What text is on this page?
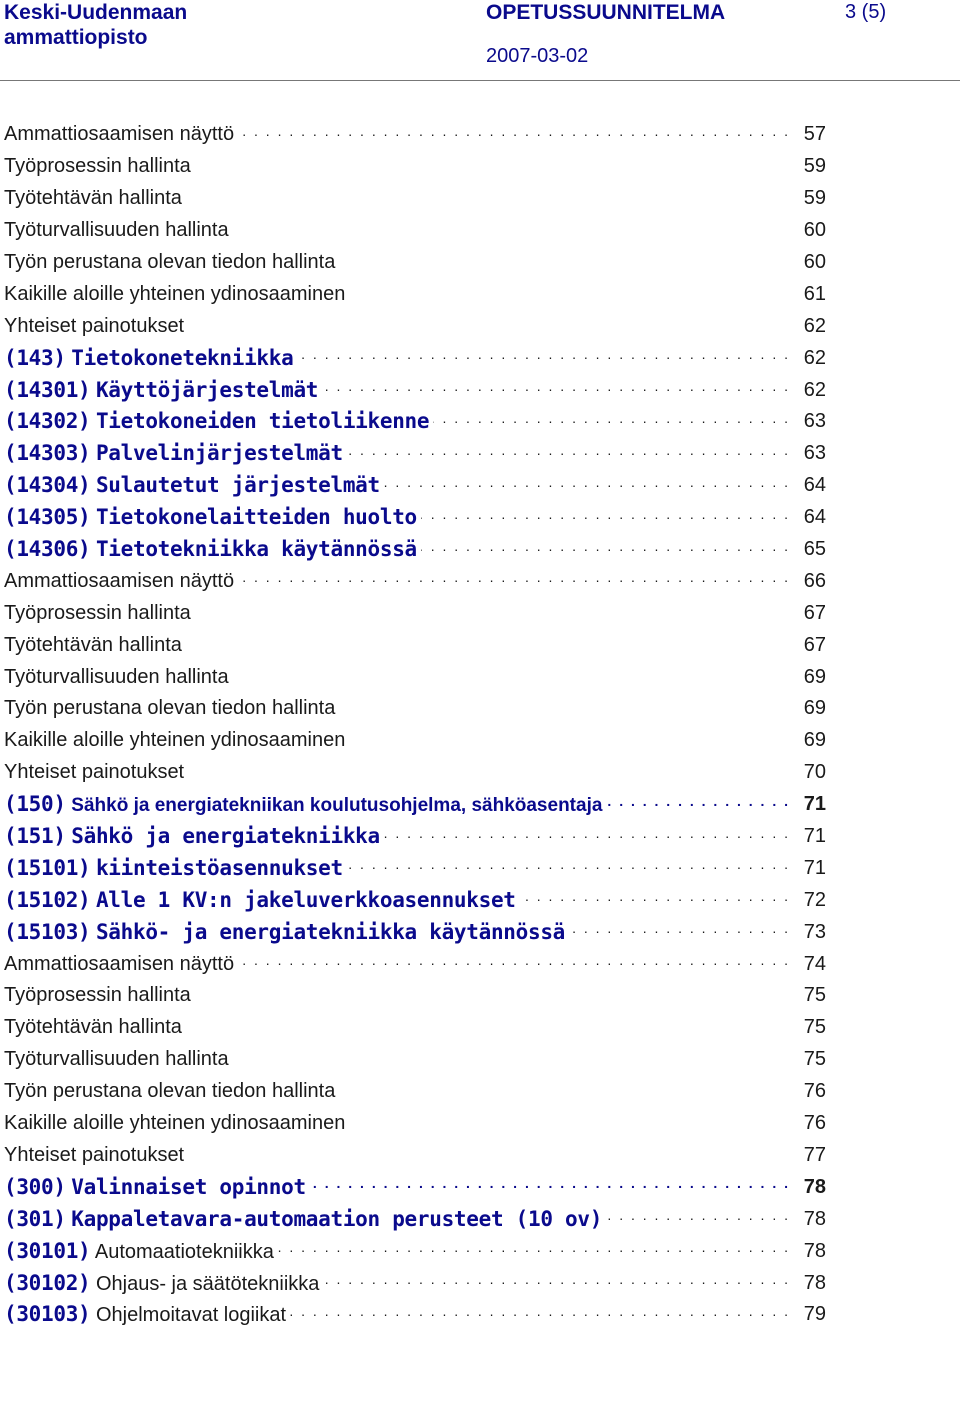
Keski-Uudenmaan
ammattiopisto
OPETUSSUUNNITELMA	3 (5)
2007-03-02
Ammattiosaamisen näyttö . . .	57
Työprosessin hallinta	59
Työtehtävän hallinta	59
Työturvallisuuden hallinta	60
Työn perustana olevan tiedon hallinta	60
Kaikille aloille yhteinen ydinosaaminen	61
Yhteiset painotukset	62
(143) Tietokonetekniikka . . .	62
(14301) Käyttöjärjestelmät . . .	62
(14302) Tietokoneiden tietoliikenne . . .	63
(14303) Palvelinjärjestelmät . . .	63
(14304) Sulautetut järjestelmät . . .	64
(14305) Tietokonelaitteiden huolto . . .	64
(14306) Tietotekniikka käytännössä . . .	65
Ammattiosaamisen näyttö . . .	66
Työprosessin hallinta	67
Työtehtävän hallinta	67
Työturvallisuuden hallinta	69
Työn perustana olevan tiedon hallinta	69
Kaikille aloille yhteinen ydinosaaminen	69
Yhteiset painotukset	70
(150) Sähkö ja energiatekniikan koulutusohjelma, sähköasentaja . . .	71
(151) Sähkö ja energiatekniikka . . .	71
(15101) kiinteistöasennukset . . .	71
(15102) Alle 1 KV:n jakeluverkkoasennukset . . .	72
(15103) Sähkö- ja energiatekniikka käytännössä . . .	73
Ammattiosaamisen näyttö . . .	74
Työprosessin hallinta	75
Työtehtävän hallinta	75
Työturvallisuuden hallinta	75
Työn perustana olevan tiedon hallinta	76
Kaikille aloille yhteinen ydinosaaminen	76
Yhteiset painotukset	77
(300) Valinnaiset opinnot . . .	78
(301) Kappaletavara-automaation perusteet (10 ov) . . .	78
(30101) Automaatiotekniikka . . .	78
(30102) Ohjaus- ja säätötekniikka . . .	78
(30103) Ohjelmoitavat logiikat . . .	79
